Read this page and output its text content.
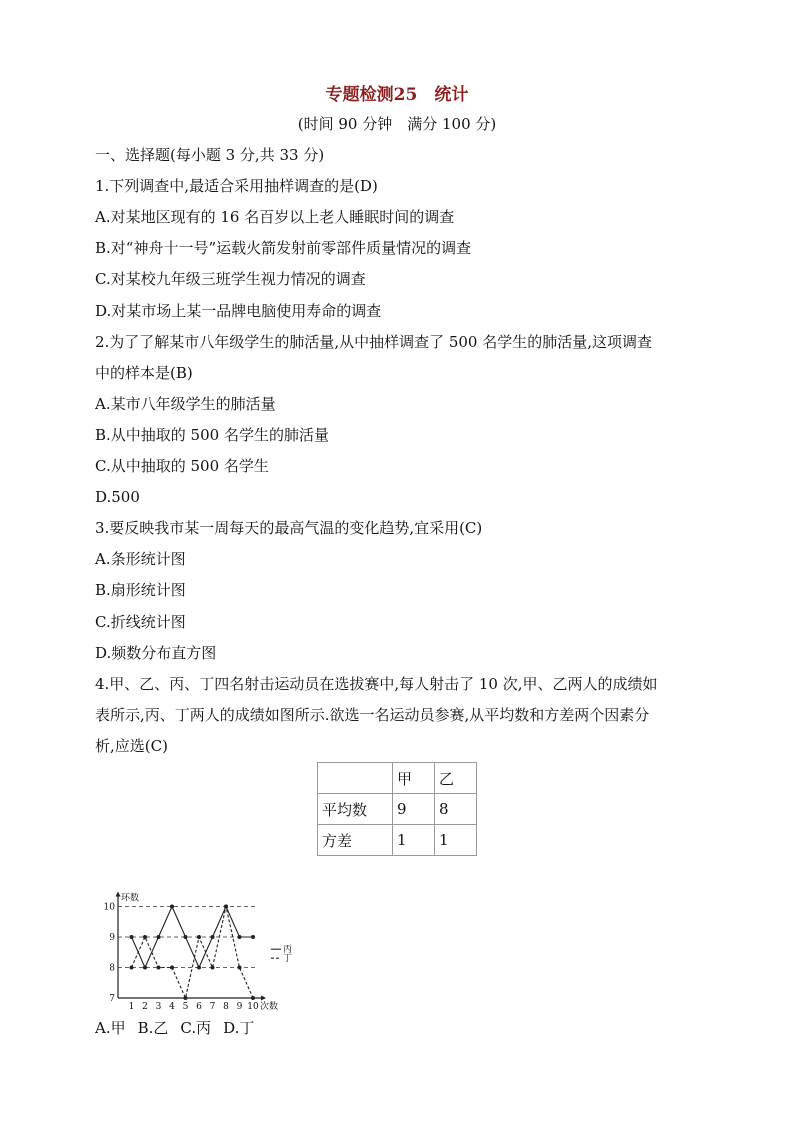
专题检测25　统计
(时间 90 分钟　满分 100 分)
一、选择题(每小题 3 分,共 33 分)
1.下列调查中,最适合采用抽样调查的是(D)
A.对某地区现有的 16 名百岁以上老人睡眠时间的调查
B.对“神舟十一号”运载火箭发射前零部件质量情况的调查
C.对某校九年级三班学生视力情况的调查
D.对某市场上某一品牌电脑使用寿命的调查
2.为了了解某市八年级学生的肺活量,从中抽样调查了 500 名学生的肺活量,这项调查
中的样本是(B)
A.某市八年级学生的肺活量
B.从中抽取的 500 名学生的肺活量
C.从中抽取的 500 名学生
D.500
3.要反映我市某一周每天的最高气温的变化趋势,宜采用(C)
A.条形统计图
B.扇形统计图
C.折线统计图
D.频数分布直方图
4.甲、乙、丙、丁四名射击运动员在选拔赛中,每人射击了 10 次,甲、乙两人的成绩如
表所示,丙、丁两人的成绩如图所示.欲选一名运动员参赛,从平均数和方差两个因素分
析,应选(C)
	甲	乙
平均数	9	8
方差	1	1
7
8
9
10
环数
次数
1 2 3 4 5 6 7 8 9 10
丙
丁
A.甲 B.乙 C.丙 D.丁
